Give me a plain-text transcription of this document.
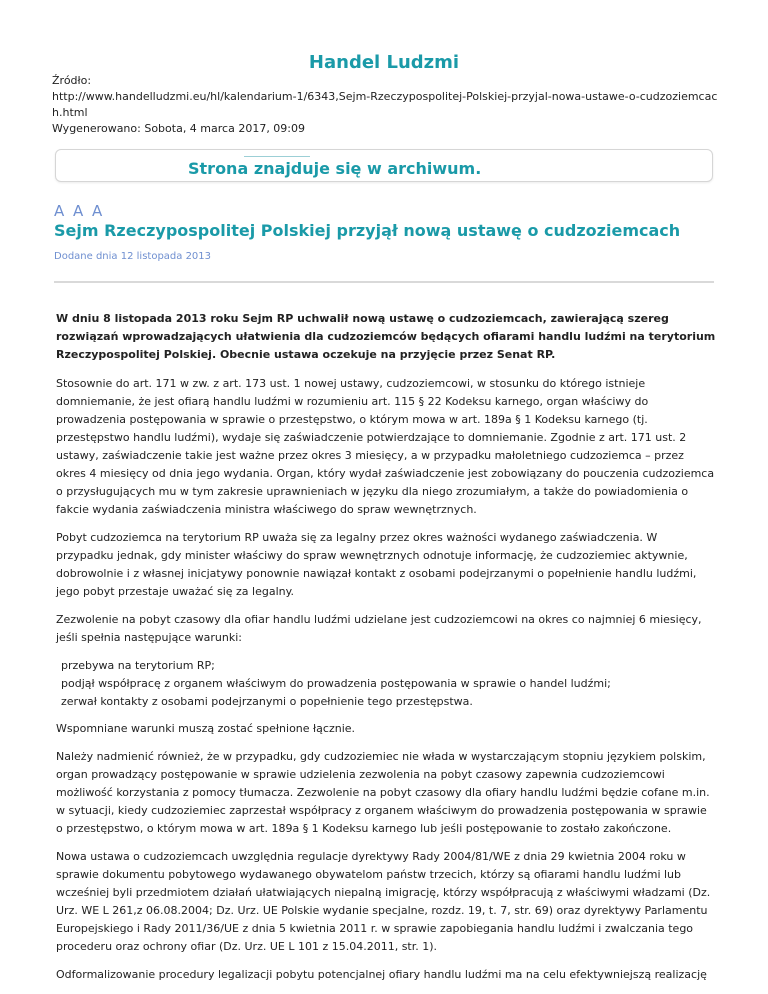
Handel Ludzmi
Źródło:
http://www.handelludzmi.eu/hl/kalendarium-1/6343,Sejm-Rzeczypospolitej-Polskiej-przyjal-nowa-ustawe-o-cudzoziemcach.html
Wygenerowano: Sobota, 4 marca 2017, 09:09
Strona znajduje się w archiwum.
A A A
Sejm Rzeczypospolitej Polskiej przyjął nową ustawę o cudzoziemcach
Dodane dnia 12 listopada 2013

W dniu 8 listopada 2013 roku Sejm RP uchwalił nową ustawę o cudzoziemcach, zawierającą szereg rozwiązań wprowadzających ułatwienia dla cudzoziemców będących ofiarami handlu ludźmi na terytorium Rzeczypospolitej Polskiej. Obecnie ustawa oczekuje na przyjęcie przez Senat RP.

Stosownie do art. 171 w zw. z art. 173 ust. 1 nowej ustawy, cudzoziemcowi, w stosunku do którego istnieje domniemanie, że jest ofiarą handlu ludźmi w rozumieniu art. 115 § 22 Kodeksu karnego, organ właściwy do prowadzenia postępowania w sprawie o przestępstwo, o którym mowa w art. 189a § 1 Kodeksu karnego (tj. przestępstwo handlu ludźmi), wydaje się zaświadczenie potwierdzające to domniemanie. Zgodnie z art. 171 ust. 2 ustawy, zaświadczenie takie jest ważne przez okres 3 miesięcy, a w przypadku małoletniego cudzoziemca – przez okres 4 miesięcy od dnia jego wydania. Organ, który wydał zaświadczenie jest zobowiązany do pouczenia cudzoziemca o przysługujących mu w tym zakresie uprawnieniach w języku dla niego zrozumiałym, a także do powiadomienia o fakcie wydania zaświadczenia ministra właściwego do spraw wewnętrznych.

Pobyt cudzoziemca na terytorium RP uważa się za legalny przez okres ważności wydanego zaświadczenia. W przypadku jednak, gdy minister właściwy do spraw wewnętrznych odnotuje informację, że cudzoziemiec aktywnie, dobrowolnie i z własnej inicjatywy ponownie nawiązał kontakt z osobami podejrzanymi o popełnienie handlu ludźmi, jego pobyt przestaje uważać się za legalny.

Zezwolenie na pobyt czasowy dla ofiar handlu ludźmi udzielane jest cudzoziemcowi na okres co najmniej 6 miesięcy, jeśli spełnia następujące warunki:

przebywa na terytorium RP;
podjął współpracę z organem właściwym do prowadzenia postępowania w sprawie o handel ludźmi;
zerwał kontakty z osobami podejrzanymi o popełnienie tego przestępstwa.

Wspomniane warunki muszą zostać spełnione łącznie.

Należy nadmienić również, że w przypadku, gdy cudzoziemiec nie włada w wystarczającym stopniu językiem polskim, organ prowadzący postępowanie w sprawie udzielenia zezwolenia na pobyt czasowy zapewnia cudzoziemcowi możliwość korzystania z pomocy tłumacza. Zezwolenie na pobyt czasowy dla ofiary handlu ludźmi będzie cofane m.in. w sytuacji, kiedy cudzoziemiec zaprzestał współpracy z organem właściwym do prowadzenia postępowania w sprawie o przestępstwo, o którym mowa w art. 189a § 1 Kodeksu karnego lub jeśli postępowanie to zostało zakończone.

Nowa ustawa o cudzoziemcach uwzględnia regulacje dyrektywy Rady 2004/81/WE z dnia 29 kwietnia 2004 roku w sprawie dokumentu pobytowego wydawanego obywatelom państw trzecich, którzy są ofiarami handlu ludźmi lub wcześniej byli przedmiotem działań ułatwiających niepalną imigrację, którzy współpracują z właściwymi władzami (Dz. Urz. WE L 261,z 06.08.2004; Dz. Urz. UE Polskie wydanie specjalne, rozdz. 19, t. 7, str. 69) oraz dyrektywy Parlamentu Europejskiego i Rady 2011/36/UE z dnia 5 kwietnia 2011 r. w sprawie zapobiegania handlu ludźmi i zwalczania tego procederu oraz ochrony ofiar (Dz. Urz. UE L 101 z 15.04.2011, str. 1).

Odformalizowanie procedury legalizacji pobytu potencjalnej ofiary handlu ludźmi ma na celu efektywniejszą realizację
